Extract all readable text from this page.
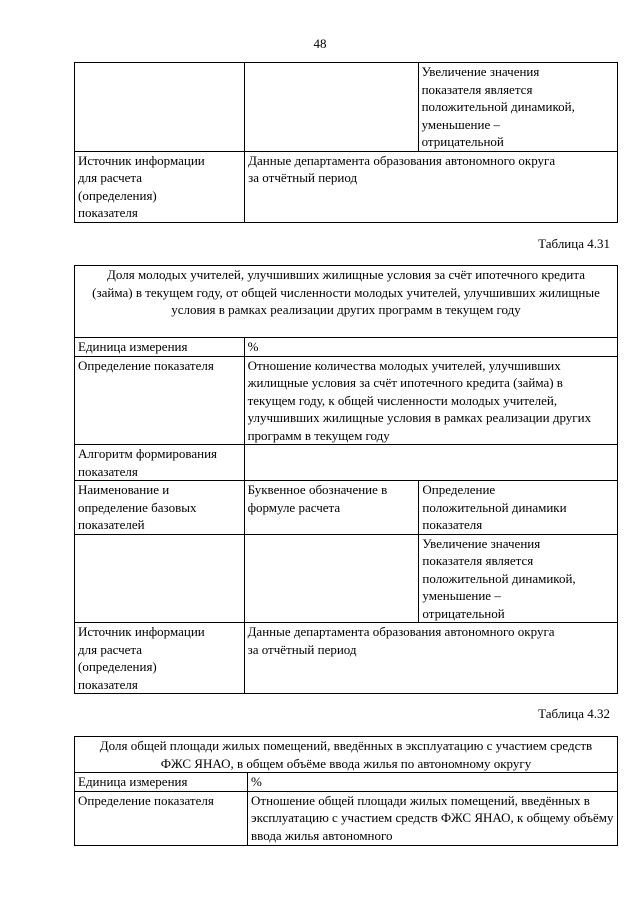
48
		Увеличение значения
показателя является
положительной динамикой,
уменьшение –
отрицательной
Источник информации
для расчета
(определения)
показателя	Данные департамента образования автономного округа
за отчётный период	
Таблица 4.31
Доля молодых учителей, улучшивших жилищные условия за счёт ипотечного кредита (займа) в текущем году, от общей численности молодых учителей, улучшивших жилищные условия в рамках реализации других программ в текущем году		
Единица измерения	%	
Определение показателя	Отношение количества молодых учителей, улучшивших жилищные условия за счёт ипотечного кредита (займа) в текущем году, к общей численности молодых учителей, улучшивших жилищные условия в рамках реализации других программ в текущем году	
Алгоритм формирования
показателя		
Наименование и
определение базовых
показателей	Буквенное обозначение в
формуле расчета	Определение
положительной динамики
показателя
		Увеличение значения
показателя является
положительной динамикой,
уменьшение –
отрицательной
Источник информации
для расчета
(определения)
показателя	Данные департамента образования автономного округа
за отчётный период	
Таблица 4.32
Доля общей площади жилых помещений, введённых в эксплуатацию с участием средств ФЖС ЯНАО, в общем объёме ввода жилья по автономному округу	
Единица измерения	%
Определение показателя	Отношение общей площади жилых помещений, введённых в эксплуатацию с участием средств ФЖС ЯНАО, к общему объёму ввода жилья автономного
